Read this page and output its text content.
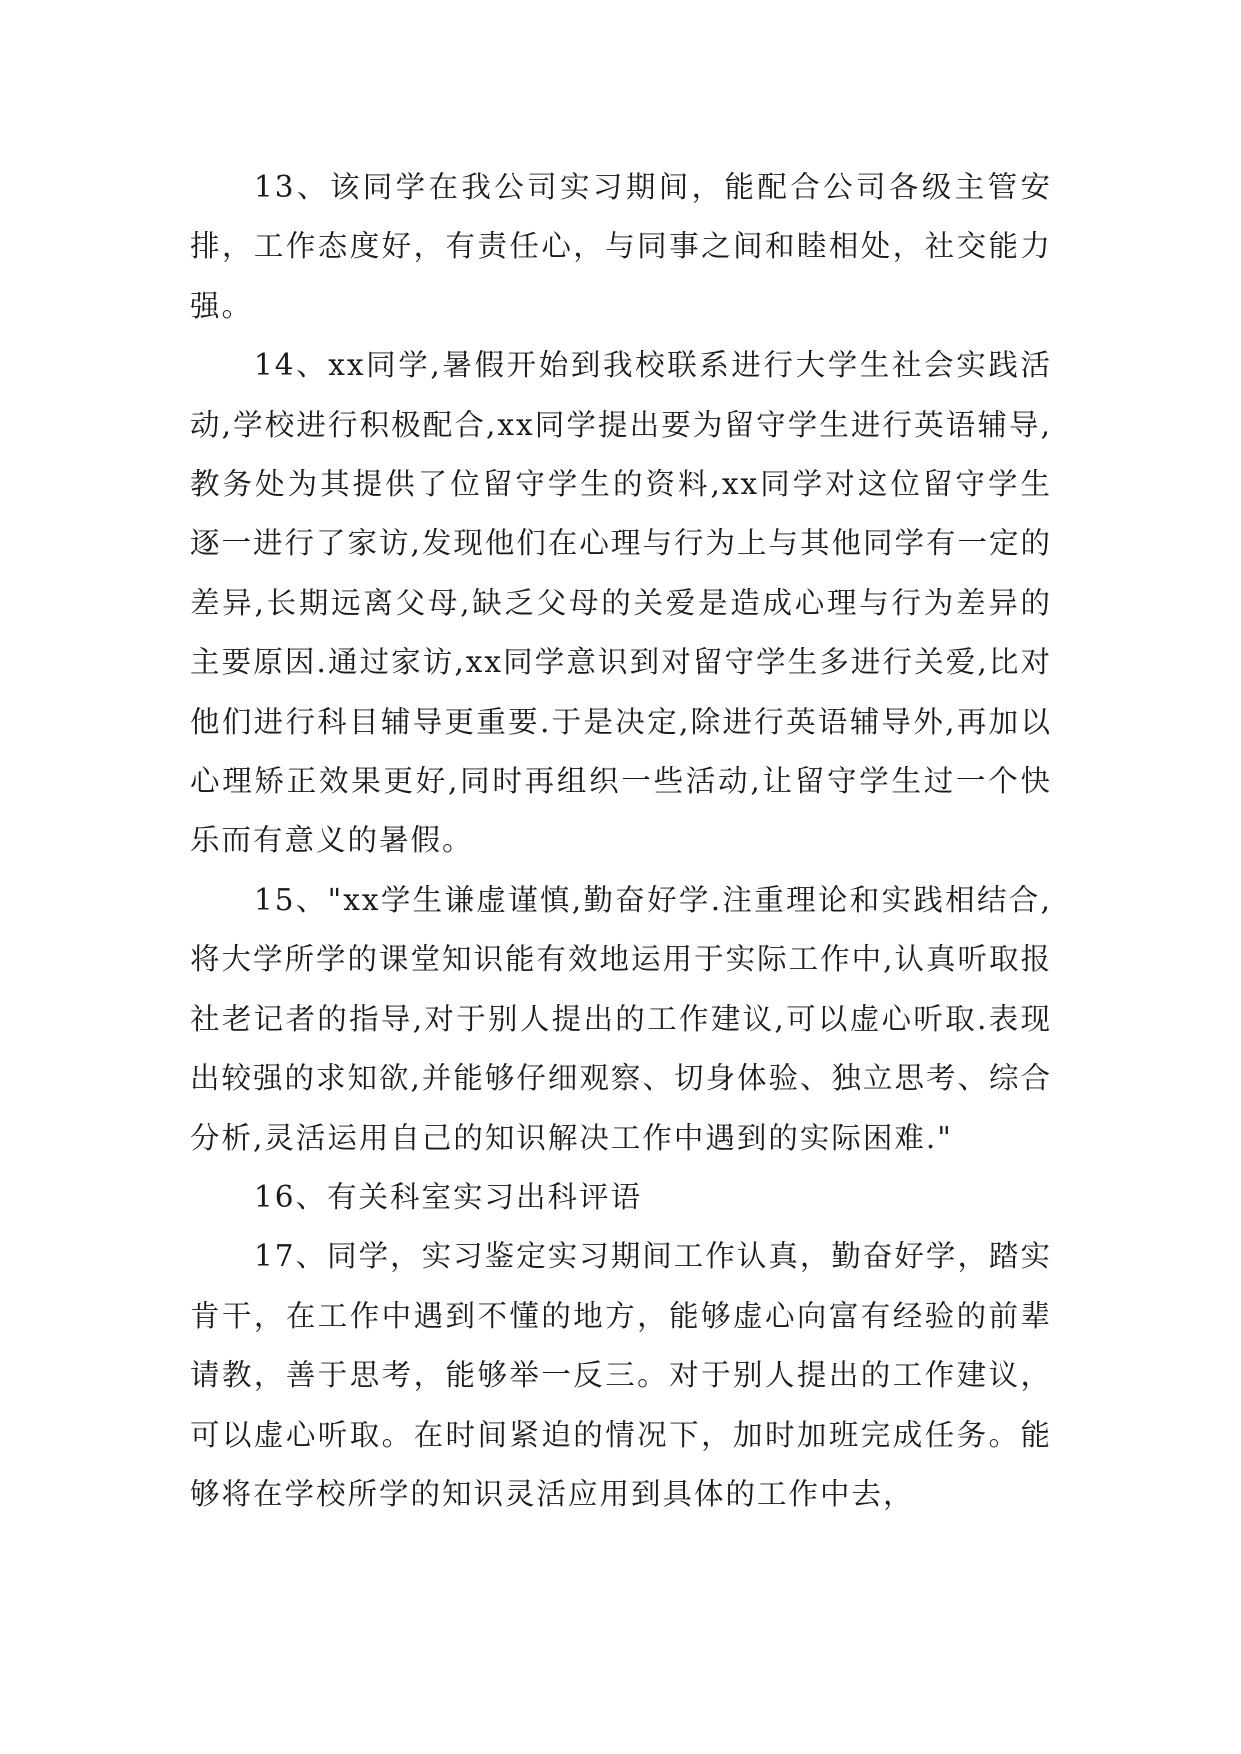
13、该同学在我公司实习期间，能配合公司各级主管安排，工作态度好，有责任心，与同事之间和睦相处，社交能力强。

14、xx同学,暑假开始到我校联系进行大学生社会实践活动,学校进行积极配合,xx同学提出要为留守学生进行英语辅导,教务处为其提供了位留守学生的资料,xx同学对这位留守学生逐一进行了家访,发现他们在心理与行为上与其他同学有一定的差异,长期远离父母,缺乏父母的关爱是造成心理与行为差异的主要原因.通过家访,xx同学意识到对留守学生多进行关爱,比对他们进行科目辅导更重要.于是决定,除进行英语辅导外,再加以心理矫正效果更好,同时再组织一些活动,让留守学生过一个快乐而有意义的暑假。

15、"xx学生谦虚谨慎,勤奋好学.注重理论和实践相结合,将大学所学的课堂知识能有效地运用于实际工作中,认真听取报社老记者的指导,对于别人提出的工作建议,可以虚心听取.表现出较强的求知欲,并能够仔细观察、切身体验、独立思考、综合分析,灵活运用自己的知识解决工作中遇到的实际困难."

16、有关科室实习出科评语

17、同学，实习鉴定实习期间工作认真，勤奋好学，踏实肯干，在工作中遇到不懂的地方，能够虚心向富有经验的前辈请教，善于思考，能够举一反三。对于别人提出的工作建议，可以虚心听取。在时间紧迫的情况下，加时加班完成任务。能够将在学校所学的知识灵活应用到具体的工作中去，
